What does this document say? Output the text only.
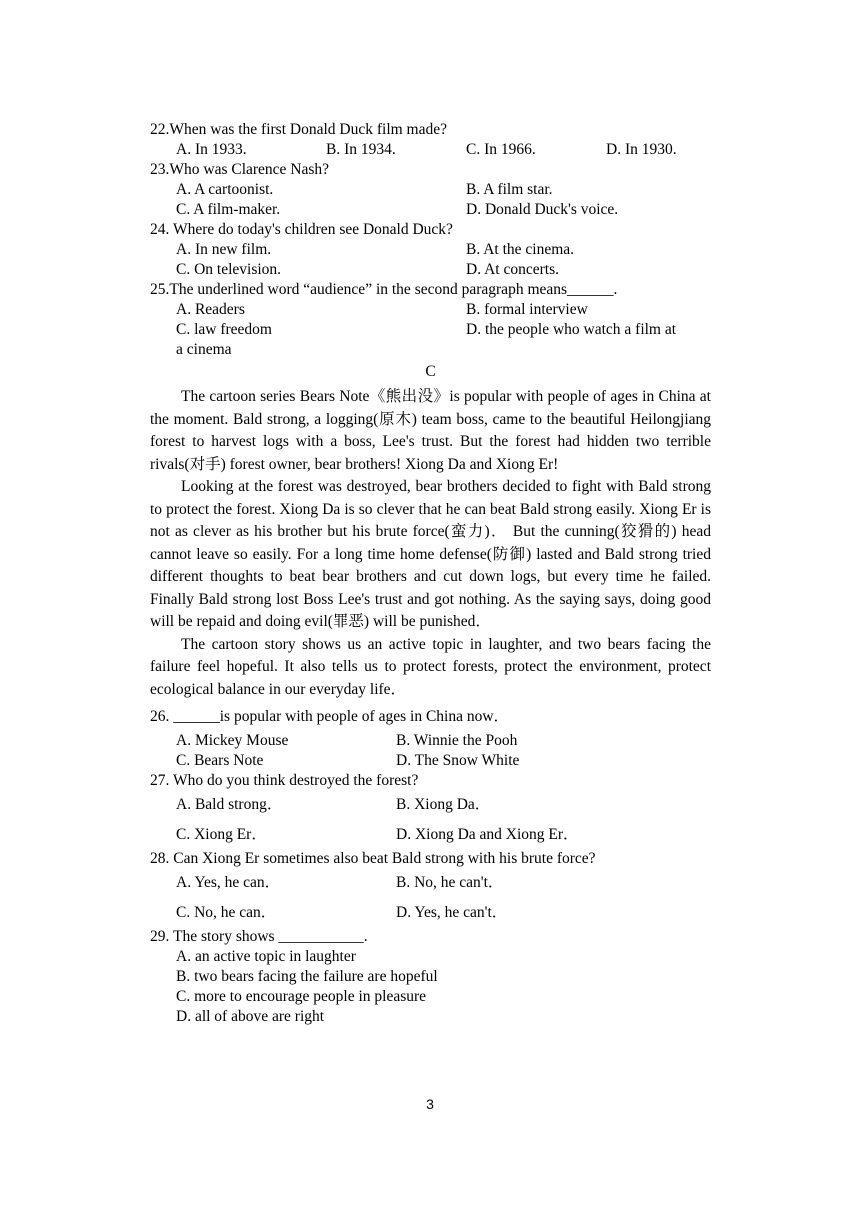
22.When was the first Donald Duck film made?

A. In 1933.	B. In 1934.	C. In 1966.	D. In 1930.

23.Who was Clarence Nash?

A. A cartoonist.	B. A film star.
C. A film-maker.	D. Donald Duck's voice.

24. Where do today's children see Donald Duck?

A. In new film.	B. At the cinema.
C. On television.	D. At concerts.

25.The underlined word “audience” in the second paragraph means______.

A. Readers	B. formal interview
C. law freedom	D. the people who watch a film at

a cinema

C

The cartoon series Bears Note《熊出没》is popular with people of ages in China at the moment. Bald strong, a logging(原木) team boss, came to the beautiful Heilongjiang forest to harvest logs with a boss, Lee's trust. But the forest had hidden two terrible rivals(对手) forest owner, bear brothers! Xiong Da and Xiong Er!

Looking at the forest was destroyed, bear brothers decided to fight with Bald strong to protect the forest. Xiong Da is so clever that he can beat Bald strong easily. Xiong Er is not as clever as his brother but his brute force(蛮力)． But the cunning(狡猾的) head cannot leave so easily. For a long time home defense(防御) lasted and Bald strong tried different thoughts to beat bear brothers and cut down logs, but every time he failed. Finally Bald strong lost Boss Lee's trust and got nothing. As the saying says, doing good will be repaid and doing evil(罪恶) will be punished．

The cartoon story shows us an active topic in laughter, and two bears facing the failure feel hopeful. It also tells us to protect forests, protect the environment, protect ecological balance in our everyday life．

26. ______is popular with people of ages in China now．

A. Mickey Mouse	B. Winnie the Pooh
C. Bears Note	D. The Snow White

27. Who do you think destroyed the forest?

A. Bald strong．	B. Xiong Da．
C. Xiong Er．	D. Xiong Da and Xiong Er．

28. Can Xiong Er sometimes also beat Bald strong with his brute force?

A. Yes, he can．	B. No, he can't．
C. No, he can．	D. Yes, he can't．

29. The story shows ___________.

A. an active topic in laughter
B. two bears facing the failure are hopeful
C. more to encourage people in pleasure
D. all of above are right
3
